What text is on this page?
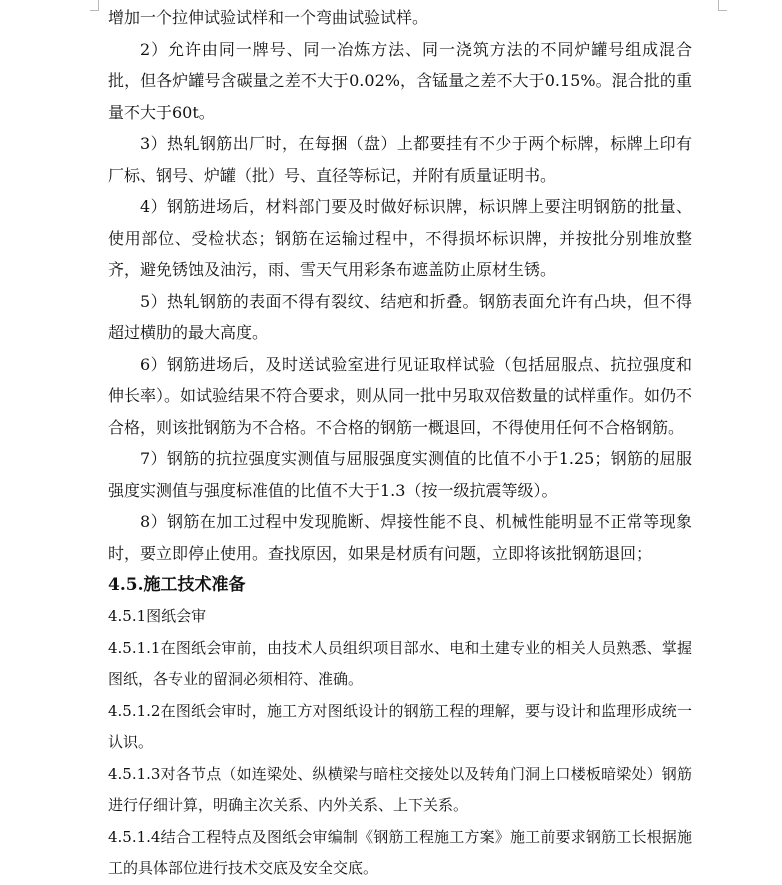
增加一个拉伸试验试样和一个弯曲试验试样。

2）允许由同一牌号、同一冶炼方法、同一浇筑方法的不同炉罐号组成混合批，但各炉罐号含碳量之差不大于0.02%，含锰量之差不大于0.15%。混合批的重量不大于60t。

3）热轧钢筋出厂时，在每捆（盘）上都要挂有不少于两个标牌，标牌上印有厂标、钢号、炉罐（批）号、直径等标记，并附有质量证明书。

4）钢筋进场后，材料部门要及时做好标识牌，标识牌上要注明钢筋的批量、使用部位、受检状态；钢筋在运输过程中，不得损坏标识牌，并按批分别堆放整齐，避免锈蚀及油污，雨、雪天气用彩条布遮盖防止原材生锈。

5）热轧钢筋的表面不得有裂纹、结疤和折叠。钢筋表面允许有凸块，但不得超过横肋的最大高度。

6）钢筋进场后，及时送试验室进行见证取样试验（包括屈服点、抗拉强度和伸长率）。如试验结果不符合要求，则从同一批中另取双倍数量的试样重作。如仍不合格，则该批钢筋为不合格。不合格的钢筋一概退回，不得使用任何不合格钢筋。

7）钢筋的抗拉强度实测值与屈服强度实测值的比值不小于1.25；钢筋的屈服强度实测值与强度标准值的比值不大于1.3（按一级抗震等级）。

8）钢筋在加工过程中发现脆断、焊接性能不良、机械性能明显不正常等现象时，要立即停止使用。查找原因，如果是材质有问题，立即将该批钢筋退回；

4.5.施工技术准备

4.5.1图纸会审

4.5.1.1在图纸会审前，由技术人员组织项目部水、电和土建专业的相关人员熟悉、掌握图纸，各专业的留洞必须相符、准确。

4.5.1.2在图纸会审时，施工方对图纸设计的钢筋工程的理解，要与设计和监理形成统一认识。

4.5.1.3对各节点（如连梁处、纵横梁与暗柱交接处以及转角门洞上口楼板暗梁处）钢筋进行仔细计算，明确主次关系、内外关系、上下关系。

4.5.1.4结合工程特点及图纸会审编制《钢筋工程施工方案》施工前要求钢筋工长根据施工的具体部位进行技术交底及安全交底。
